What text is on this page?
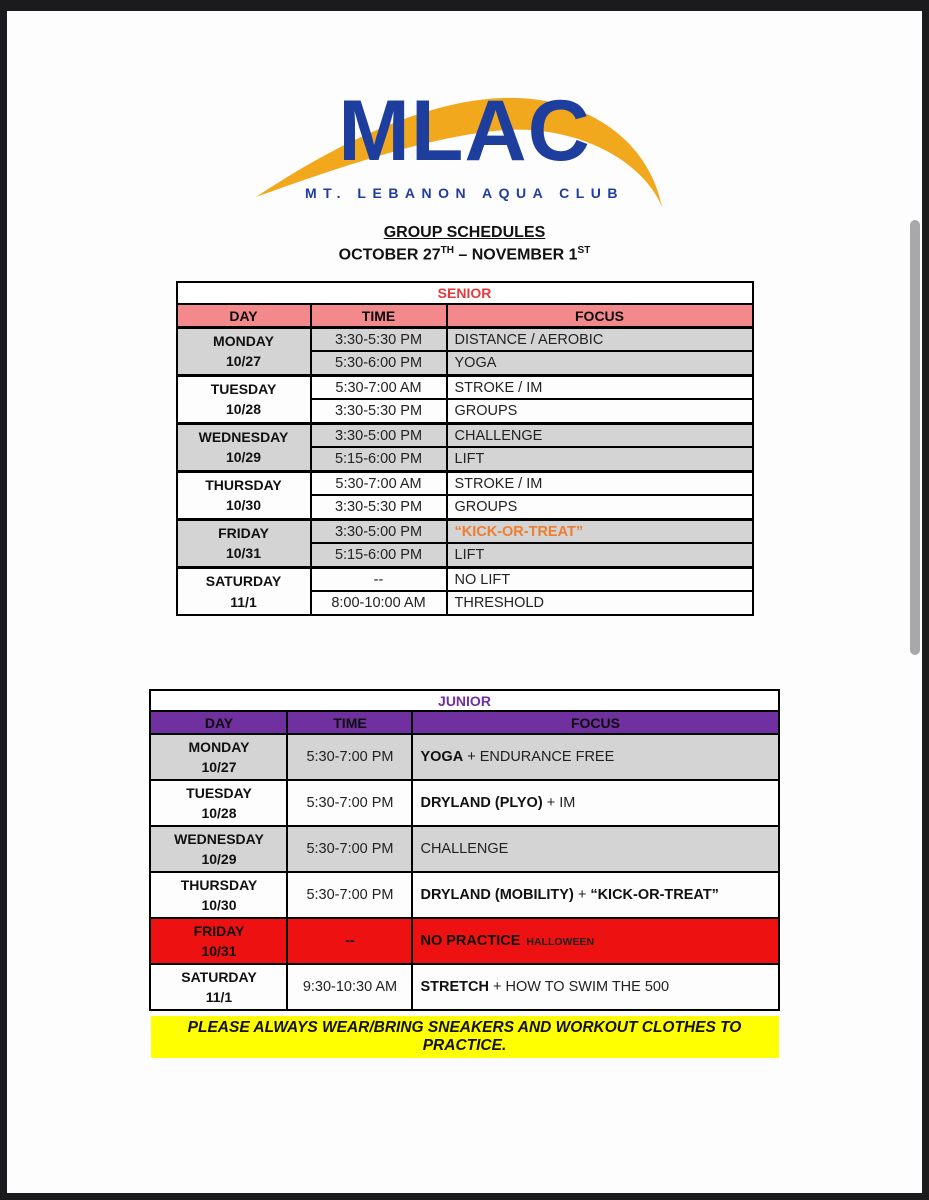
MLAC
MT. LEBANON AQUA CLUB
GROUP SCHEDULES
OCTOBER 27TH – NOVEMBER 1ST
SENIOR		
DAY	TIME	FOCUS

MONDAY
10/27	3:30-5:30 PM	DISTANCE / AEROBIC
	5:30-6:00 PM	YOGA

TUESDAY
10/28	5:30-7:00 AM	STROKE / IM
	3:30-5:30 PM	GROUPS

WEDNESDAY
10/29	3:30-5:00 PM	CHALLENGE
	5:15-6:00 PM	LIFT

THURSDAY
10/30	5:30-7:00 AM	STROKE / IM
	3:30-5:30 PM	GROUPS

FRIDAY
10/31	3:30-5:00 PM	“KICK-OR-TREAT”
	5:15-6:00 PM	LIFT

SATURDAY
11/1	--	NO LIFT
	8:00-10:00 AM	THRESHOLD
JUNIOR		
DAY	TIME	FOCUS

MONDAY
10/27	5:30-7:00 PM	YOGA + ENDURANCE FREE

TUESDAY
10/28	5:30-7:00 PM	DRYLAND (PLYO) + IM

WEDNESDAY
10/29	5:30-7:00 PM	CHALLENGE

THURSDAY
10/30	5:30-7:00 PM	DRYLAND (MOBILITY) + “KICK-OR-TREAT”

FRIDAY
10/31	--	NO PRACTICE HALLOWEEN

SATURDAY
11/1	9:30-10:30 AM	STRETCH + HOW TO SWIM THE 500
PLEASE ALWAYS WEAR/BRING SNEAKERS AND WORKOUT CLOTHES TO PRACTICE.
